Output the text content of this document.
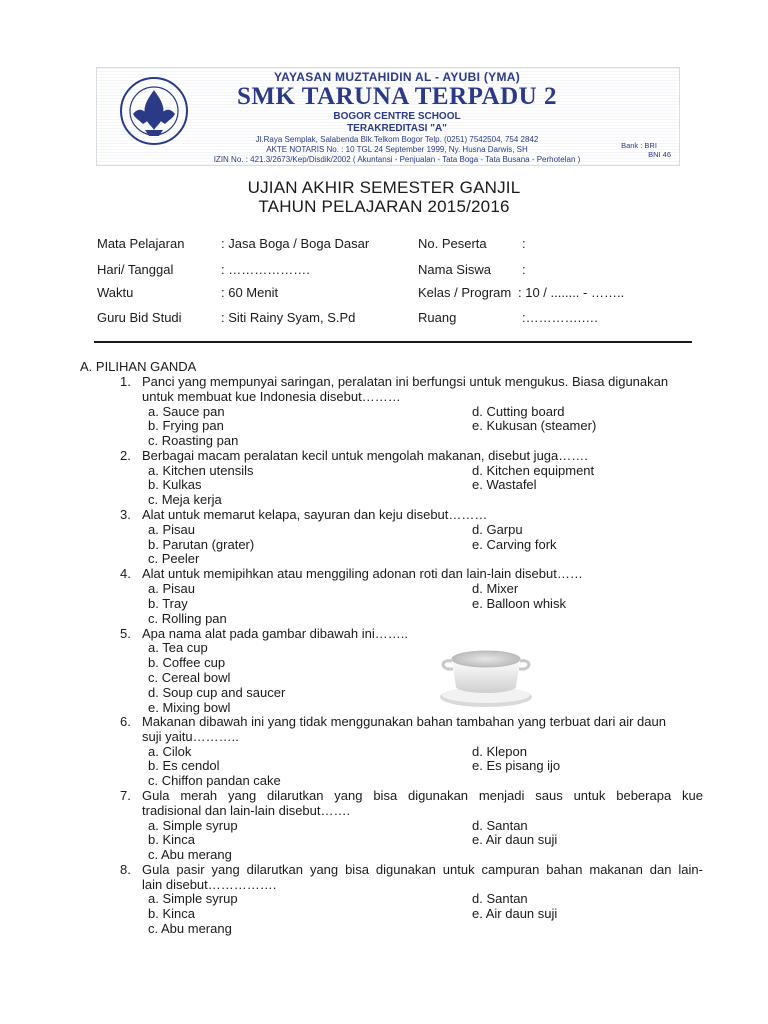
YAYASAN MUZTAHIDIN AL - AYUBI (YMA)
SMK TARUNA TERPADU 2
BOGOR CENTRE SCHOOL
TERAKREDITASI "A"
Jl.Raya Semplak, Salabenda Blk.Telkom Bogor Telp. (0251) 7542504, 754 2842
AKTE NOTARIS No. : 10 TGL 24 September 1999, Ny. Husna Darwis, SH
IZIN No. : 421.3/2673/Kep/Disdik/2002 ( Akuntansi - Penjualan - Tata Boga - Tata Busana - Perhotelan )
Bank : BRI
BNI 46
UJIAN AKHIR SEMESTER GANJIL
TAHUN PELAJARAN 2015/2016
Mata Pelajaran	: Jasa Boga / Boga Dasar	No. Peserta	:
Hari/ Tanggal	: ……………….	Nama Siswa :
Waktu	: 60 Menit	Kelas / Program : 10 / ........ - ……..
Guru Bid Studi	: Siti Rainy Syam, S.Pd	Ruang	:………….….
A. PILIHAN GANDA
1. Panci yang mempunyai saringan, peralatan ini berfungsi untuk mengukus. Biasa digunakan
untuk membuat kue Indonesia disebut………
a. Sauce pan	d. Cutting board
b. Frying pan	e. Kukusan (steamer)
c. Roasting pan
2. Berbagai macam peralatan kecil untuk mengolah makanan, disebut juga…….
a. Kitchen utensils	d. Kitchen equipment
b. Kulkas	e. Wastafel
c. Meja kerja
3. Alat untuk memarut kelapa, sayuran dan keju disebut………
a. Pisau	d. Garpu
b. Parutan (grater)	e. Carving fork
c. Peeler
4. Alat untuk memipihkan atau menggiling adonan roti dan lain-lain disebut……
a. Pisau	d. Mixer
b. Tray	e. Balloon whisk
c. Rolling pan
5. Apa nama alat pada gambar dibawah ini……..
a. Tea cup
b. Coffee cup
c. Cereal bowl
d. Soup cup and saucer
e. Mixing bowl
6. Makanan dibawah ini yang tidak menggunakan bahan tambahan yang terbuat dari air daun
suji yaitu………..
a. Cilok	d. Klepon
b. Es cendol	e. Es pisang ijo
c. Chiffon pandan cake
7. Gula merah yang dilarutkan yang bisa digunakan menjadi saus untuk beberapa kue
tradisional dan lain-lain disebut…….
a. Simple syrup	d. Santan
b. Kinca	e. Air daun suji
c. Abu merang
8. Gula pasir yang dilarutkan yang bisa digunakan untuk campuran bahan makanan dan lain-
lain disebut…………….
a. Simple syrup	d. Santan
b. Kinca	e. Air daun suji
c. Abu merang
